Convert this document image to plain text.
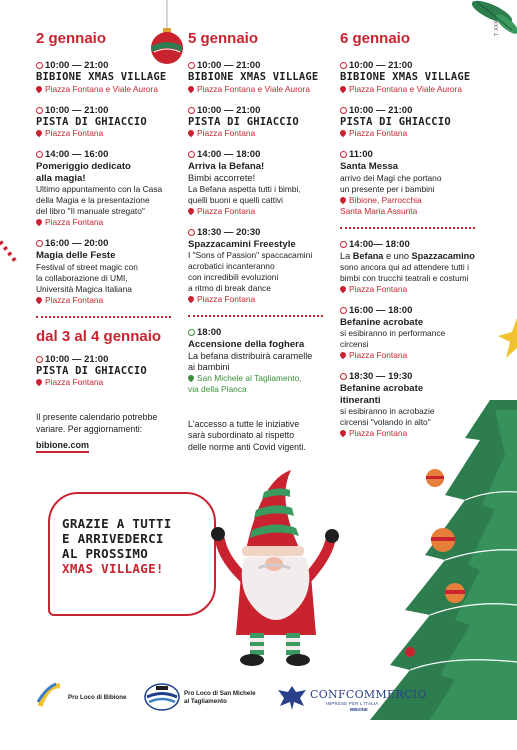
T. XXX
2 gennaio
10:00 — 21:00
BIBIONE XMAS VILLAGE
Piazza Fontana e Viale Aurora
10:00 — 21:00
PISTA DI GHIACCIO
Piazza Fontana
14:00 — 16:00
Pomeriggio dedicato
alla magia!
Ultimo appuntamento con la Casa
della Magia e la presentazione
del libro "Il manuale stregato"
Piazza Fontana
16:00 — 20:00
Magia delle Feste
Festival of street magic con
la collaborazione di UMI,
Università Magica Italiana
Piazza Fontana
dal 3 al 4 gennaio
10:00 — 21:00
PISTA DI GHIACCIO
Piazza Fontana
Il presente calendario potrebbe
variare. Per aggiornamenti:
bibione.com
5 gennaio
10:00 — 21:00
BIBIONE XMAS VILLAGE
Piazza Fontana e Viale Aurora
10:00 — 21:00
PISTA DI GHIACCIO
Piazza Fontana
14:00 — 18:00
Arriva la Befana!
Bimbi accorrete!
La Befana aspetta tutti i bimbi,
quelli buoni e quelli cattivi
Piazza Fontana
18:30 — 20:30
Spazzacamini Freestyle
I "Sons of Passion" spaccacamini
acrobatici incanteranno
con incredibili evoluzioni
a ritmo di break dance
Piazza Fontana
18:00
Accensione della foghera
La befana distribuirà caramelle
ai bambini
San Michele al Tagliamento,
via della Pianca
L'accesso a tutte le iniziative
sarà subordinato al rispetto
delle norme anti Covid vigenti.
6 gennaio
10:00 — 21:00
BIBIONE XMAS VILLAGE
Piazza Fontana e Viale Aurora
10:00 — 21:00
PISTA DI GHIACCIO
Piazza Fontana
11:00
Santa Messa
arrivo dei Magi che portano
un presente per i bambini
Bibione, Parrocchia
Santa Maria Assunta
14:00— 18:00
La Befana e uno Spazzacamino
sono ancora qui ad attendere tutti i
bimbi con trucchi teatrali e costumi
Piazza Fontana
16:00 — 18:00
Befanine acrobate
si esibiranno in performance
circensi
Piazza Fontana
18:30 — 19:30
Befanine acrobate
itineranti
si esibiranno in acrobazie
circensi "volando in alto"
Piazza Fontana
GRAZIE A TUTTI
E ARRIVEDERCI
AL PROSSIMO
XMAS VILLAGE!
Pro Loco di Bibione
Pro Loco di San Michele
al Tagliamento
CONFCOMMERCIO
IMPRESE PER L'ITALIA
BIBIONE
